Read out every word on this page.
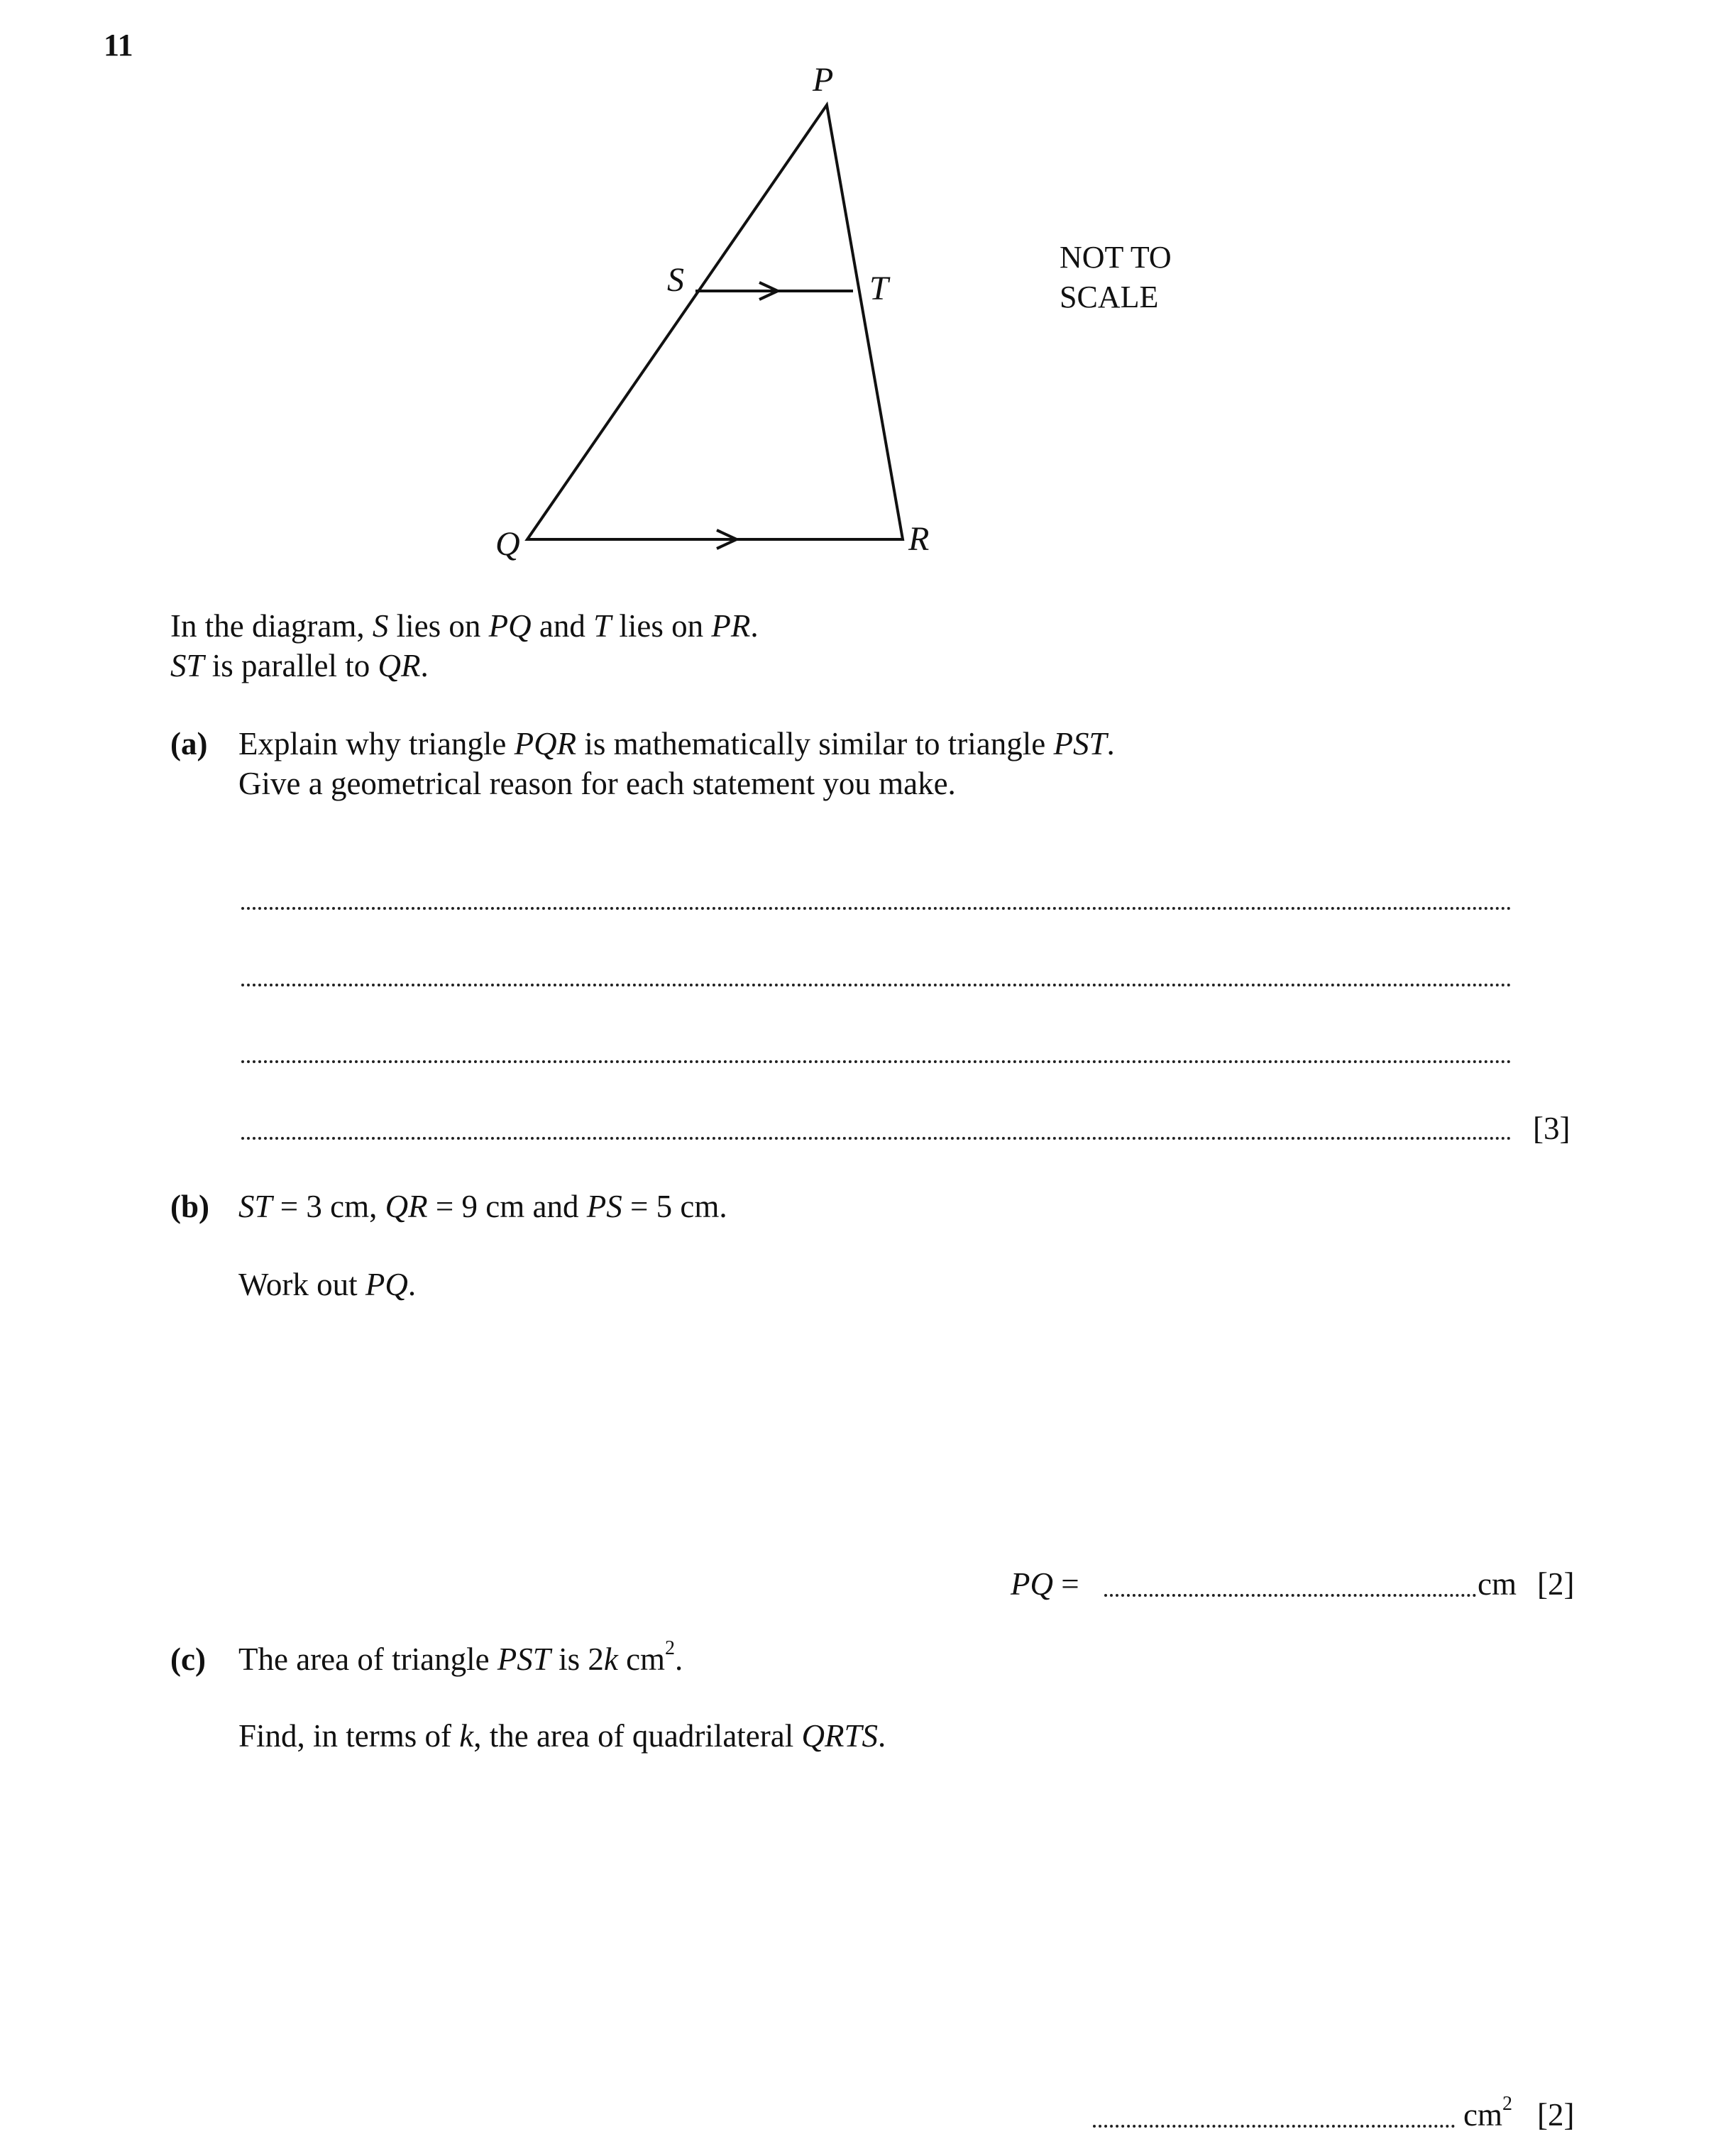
11
P
S	T
Q	R
NOT TO
SCALE
In the diagram, S lies on PQ and T lies on PR.
ST is parallel to QR.
(a) Explain why triangle PQR is mathematically similar to triangle PST.
Give a geometrical reason for each statement you make.
[3]
(b) ST = 3 cm, QR = 9 cm and PS = 5 cm.
Work out PQ.
PQ =	cm [2]
(c) The area of triangle PST is 2k $cm^2$.
Find, in terms of k, the area of quadrilateral QRTS.
$cm^2$ [2]
